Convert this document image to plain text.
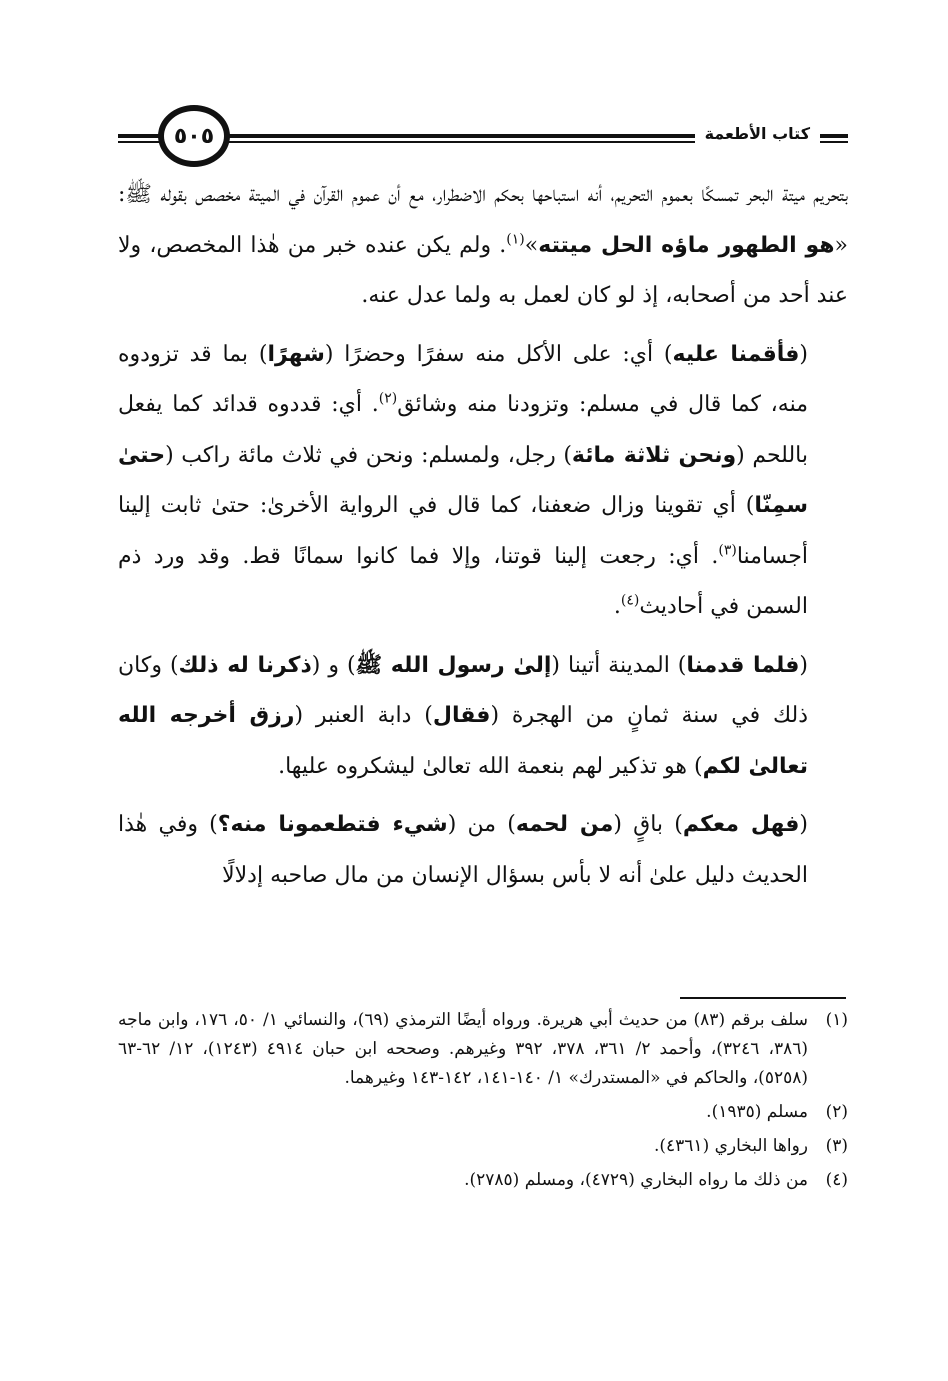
٥٠٥	كتاب الأطعمة

بتحريم ميتة البحر تمسكًا بعموم التحريم، أنه استباحها بحكم الاضطرار، مع أن عموم القرآن في الميتة مخصص بقوله ﷺ: «هو الطهور ماؤه الحل ميتته»$^{(١)}$. ولم يكن عنده خبر من هٰذا المخصص، ولا عند أحد من أصحابه، إذ لو كان لعمل به ولما عدل عنه.

(فأقمنا عليه) أي: على الأكل منه سفرًا وحضرًا (شهرًا) بما قد تزودوه منه، كما قال في مسلم: وتزودنا منه وشائق$^{(٢)}$. أي: قددوه قدائد كما يفعل باللحم (ونحن ثلاثة مائة) رجل، ولمسلم: ونحن في ثلاث مائة راكب (حتىٰ سمِنّا) أي تقوينا وزال ضعفنا، كما قال في الرواية الأخرىٰ: حتىٰ ثابت إلينا أجسامنا$^{(٣)}$. أي: رجعت إلينا قوتنا، وإلا فما كانوا سمانًا قط. وقد ورد ذم السمن في أحاديث$^{(٤)}$.

(فلما قدمنا) المدينة أتينا (إلىٰ رسول الله ﷺ) و (ذكرنا له ذلك) وكان ذلك في سنة ثمانٍ من الهجرة (فقال) دابة العنبر (رزق أخرجه الله تعالىٰ لكم) هو تذكير لهم بنعمة الله تعالىٰ ليشكروه عليها.

(فهل معكم) باقٍ (من لحمه) من (شيء فتطعمونا منه؟) وفي هٰذا الحديث دليل علىٰ أنه لا بأس بسؤال الإنسان من مال صاحبه إدلالًا

(١)
سلف برقم (٨٣) من حديث أبي هريرة. ورواه أيضًا الترمذي (٦٩)، والنسائي ١/ ٥٠، ١٧٦، وابن ماجه (٣٨٦، ٣٢٤٦)، وأحمد ٢/ ٣٦١، ٣٧٨، ٣٩٢ وغيرهم. وصححه ابن حبان ٤٩١٤ (١٢٤٣)، ١٢/ ٦٢-٦٣ (٥٢٥٨)، والحاكم في «المستدرك» ١/ ١٤٠-١٤١، ١٤٢-١٤٣ وغيرهما.
(٢)
مسلم (١٩٣٥).
(٣)
رواها البخاري (٤٣٦١).
(٤)
من ذلك ما رواه البخاري (٤٧٢٩)، ومسلم (٢٧٨٥).
